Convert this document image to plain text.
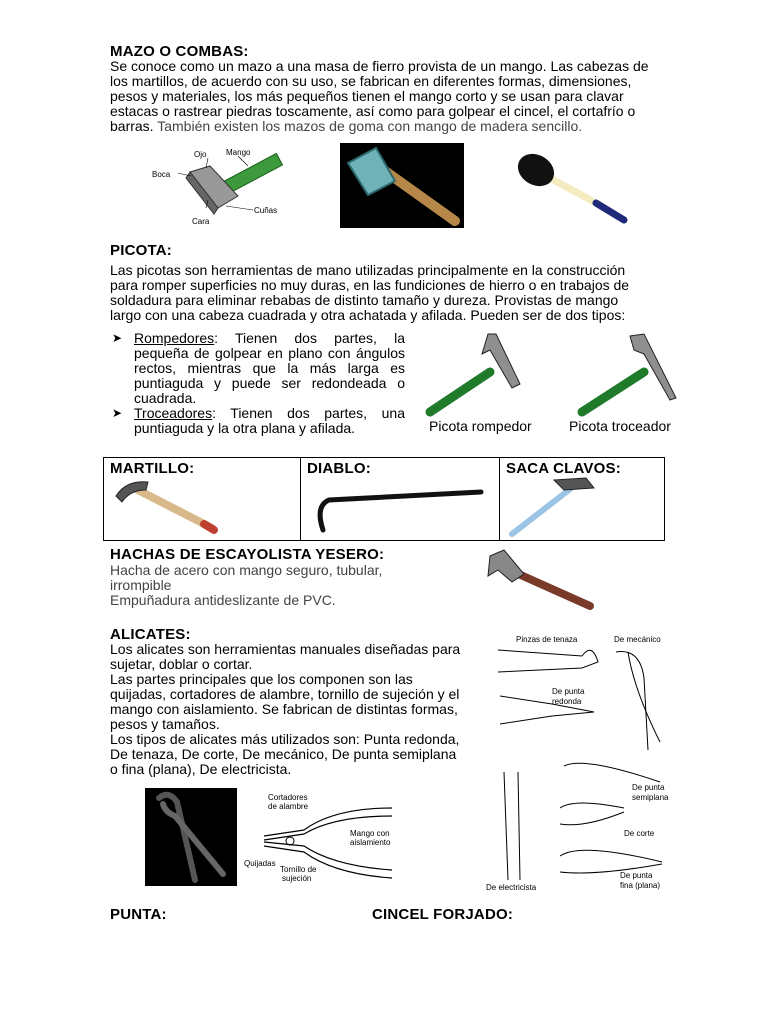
MAZO O COMBAS:
Se conoce como un mazo a una masa de fierro provista de un mango. Las cabezas de
los martillos, de acuerdo con su uso, se fabrican en diferentes formas, dimensiones,
pesos y materiales, los más pequeños tienen el mango corto y se usan para clavar
estacas o rastrear piedras toscamente, así como para golpear el cincel, el cortafrío o
barras. También existen los mazos de goma con mango de madera sencillo.
Ojo Mango
Boca
Cara
Cuñas
PICOTA:
Las picotas son herramientas de mano utilizadas principalmente en la construcción
para romper superficies no muy duras, en las fundiciones de hierro o en trabajos de
soldadura para eliminar rebabas de distinto tamaño y dureza. Provistas de mango
largo con una cabeza cuadrada y otra achatada y afilada. Pueden ser de dos tipos:
➤ Rompedores: Tienen dos partes, la pequeña de golpear en plano con ángulos rectos, mientras que la más larga es puntiaguda y puede ser redondeada o cuadrada.
➤ Troceadores: Tienen dos partes, una puntiaguda y la otra plana y afilada.	Picota rompedor	Picota troceador
MARTILLO:	DIABLO:	SACA CLAVOS:
HACHAS DE ESCAYOLISTA YESERO:
Hacha de acero con mango seguro, tubular,
irrompible
Empuñadura antideslizante de PVC.
ALICATES:
Los alicates son herramientas manuales diseñadas para
sujetar, doblar o cortar.
Las partes principales que los componen son las
quijadas, cortadores de alambre, tornillo de sujeción y el
mango con aislamiento. Se fabrican de distintas formas,
pesos y tamaños.
Los tipos de alicates más utilizados son: Punta redonda,
De tenaza, De corte, De mecánico, De punta semiplana
o fina (plana), De electricista.
Cortadores
de alambre
Mango con
aislamiento
Quijadas
Tornillo de
sujeción
Pinzas de tenaza	De mecánico
De punta
redonda
De punta
semiplana
De corte
De electricista
De punta
fina (plana)
PUNTA:	CINCEL FORJADO:
